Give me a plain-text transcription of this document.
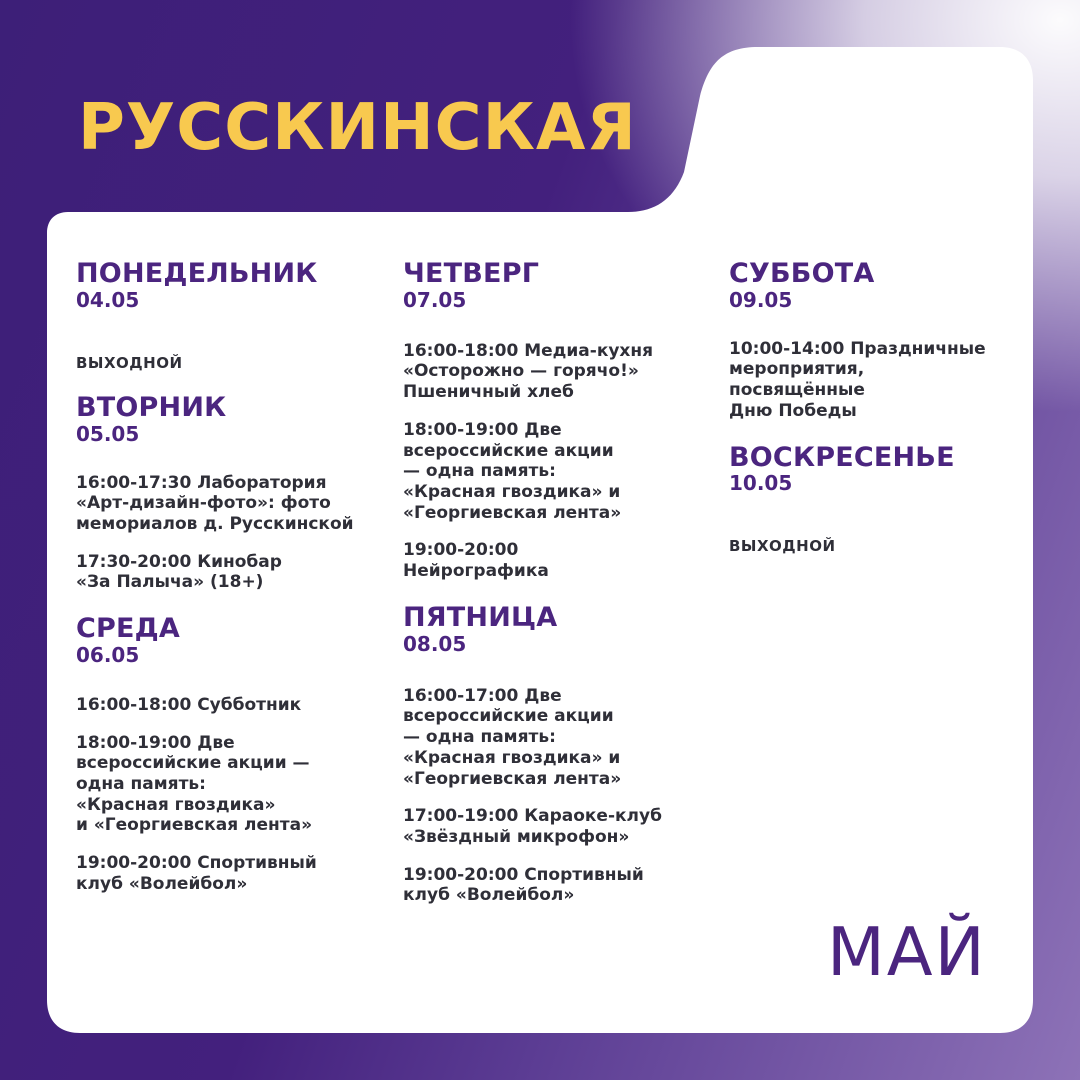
РУССКИНСКАЯ
ПОНЕДЕЛЬНИК
04.05
ВЫХОДНОЙ
ВТОРНИК
05.05
16:00-17:30 Лаборатория
«Арт-дизайн-фото»: фото
мемориалов д. Русскинской
17:30-20:00 Кинобар
«За Палыча» (18+)
СРЕДА
06.05
16:00-18:00 Субботник
18:00-19:00 Две
всероссийские акции —
одна память:
«Красная гвоздика»
и «Георгиевская лента»
19:00-20:00 Спортивный
клуб «Волейбол»
ЧЕТВЕРГ
07.05
16:00-18:00 Медиа-кухня
«Осторожно — горячо!»
Пшеничный хлеб
18:00-19:00 Две
всероссийские акции
— одна память:
«Красная гвоздика» и
«Георгиевская лента»
19:00-20:00
Нейрографика
ПЯТНИЦА
08.05
16:00-17:00 Две
всероссийские акции
— одна память:
«Красная гвоздика» и
«Георгиевская лента»
17:00-19:00 Караоке-клуб
«Звёздный микрофон»
19:00-20:00 Спортивный
клуб «Волейбол»
СУББОТА
09.05
10:00-14:00 Праздничные
мероприятия,
посвящённые
Дню Победы
ВОСКРЕСЕНЬЕ
10.05
ВЫХОДНОЙ
МАЙ
